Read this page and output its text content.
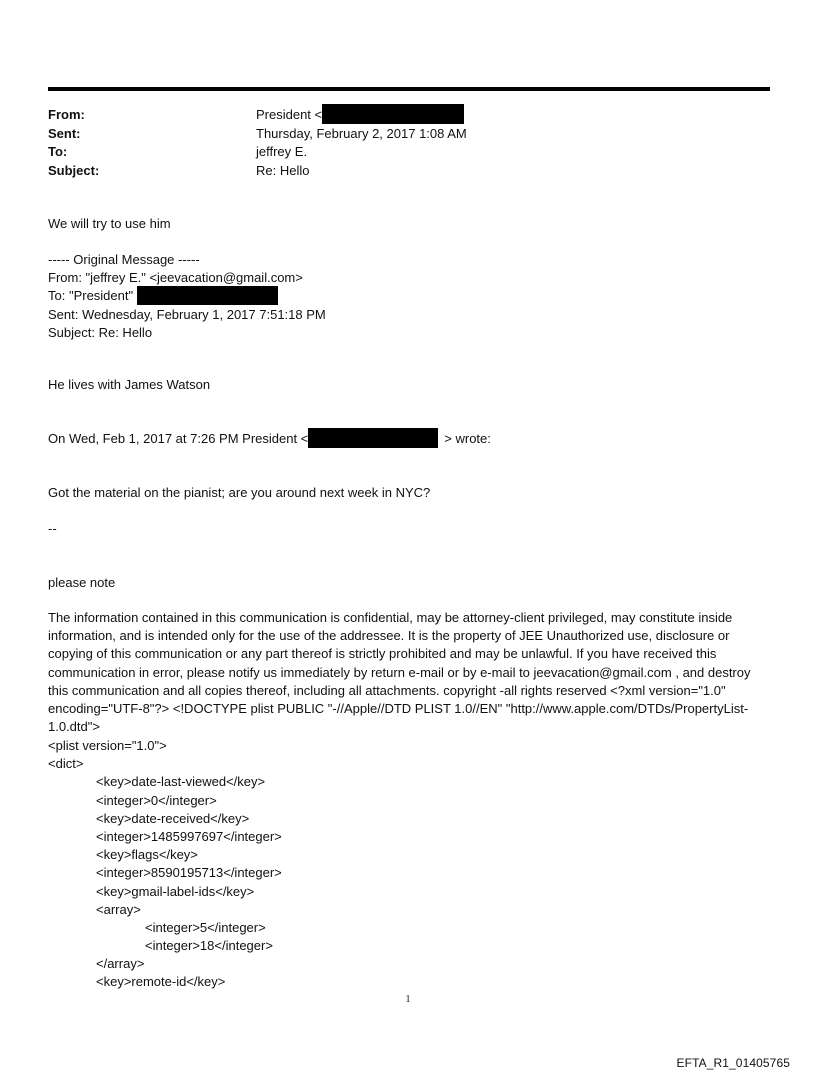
From:	President <
Sent:	Thursday, February 2, 2017 1:08 AM
To:	jeffrey E.
Subject:	Re: Hello
We will try to use him
----- Original Message -----
From: "jeffrey E." <jeevacation@gmail.com>
To: "President"
Sent: Wednesday, February 1, 2017 7:51:18 PM
Subject: Re: Hello
He lives with James Watson
On Wed, Feb 1, 2017 at 7:26 PM President <	> wrote:
Got the material on the pianist; are you around next week in NYC?
--
please note
The information contained in this communication is confidential, may be attorney-client privileged, may constitute inside information, and is intended only for the use of the addressee. It is the property of JEE Unauthorized use, disclosure or copying of this communication or any part thereof is strictly prohibited and may be unlawful. If you have received this communication in error, please notify us immediately by return e-mail or by e-mail to jeevacation@gmail.com , and destroy this communication and all copies thereof, including all attachments. copyright -all rights reserved <?xml version="1.0" encoding="UTF-8"?> <!DOCTYPE plist PUBLIC "-//Apple//DTD PLIST 1.0//EN" "http://www.apple.com/DTDs/PropertyList-1.0.dtd">
<plist version="1.0">
<dict>
<key>date-last-viewed</key>
<integer>0</integer>
<key>date-received</key>
<integer>1485997697</integer>
<key>flags</key>
<integer>8590195713</integer>
<key>gmail-label-ids</key>
<array>
<integer>5</integer>
<integer>18</integer>
</array>
<key>remote-id</key>
1
EFTA_R1_01405765
